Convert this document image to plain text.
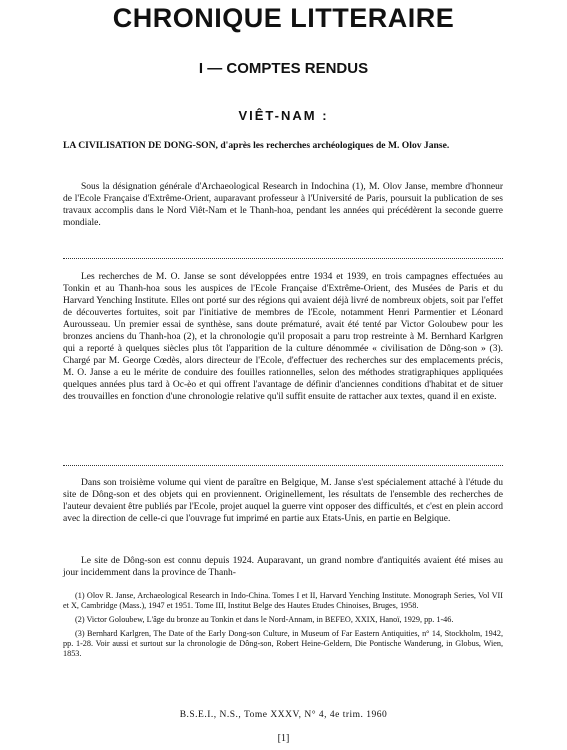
CHRONIQUE LITTERAIRE
I — COMPTES RENDUS
VIÊT-NAM :
LA CIVILISATION DE DONG-SON, d'après les recherches archéologiques de M. Olov Janse.

Sous la désignation générale d'Archaeological Research in Indochina (1), M. Olov Janse, membre d'honneur de l'Ecole Française d'Extrême-Orient, auparavant professeur à l'Université de Paris, poursuit la publication de ses travaux accomplis dans le Nord Viêt-Nam et le Thanh-hoa, pendant les années qui précédèrent la seconde guerre mondiale.

Les recherches de M. O. Janse se sont développées entre 1934 et 1939, en trois campagnes effectuées au Tonkin et au Thanh-hoa sous les auspices de l'Ecole Française d'Extrême-Orient, des Musées de Paris et du Harvard Yenching Institute. Elles ont porté sur des régions qui avaient déjà livré de nombreux objets, soit par l'effet de découvertes fortuites, soit par l'initiative de membres de l'Ecole, notamment Henri Parmentier et Léonard Aurousseau. Un premier essai de synthèse, sans doute prématuré, avait été tenté par Victor Goloubew pour les bronzes anciens du Thanh-hoa (2), et la chronologie qu'il proposait a paru trop restreinte à M. Bernhard Karlgren qui a reporté à quelques siècles plus tôt l'apparition de la culture dénommée « civilisation de Dông-son » (3). Chargé par M. George Cœdès, alors directeur de l'Ecole, d'effectuer des recherches sur des emplacements précis, M. O. Janse a eu le mérite de conduire des fouilles rationnelles, selon des méthodes stratigraphiques appliquées quelques années plus tard à Oc-èo et qui offrent l'avantage de définir d'anciennes conditions d'habitat et de situer des trouvailles en fonction d'une chronologie relative qu'il suffit ensuite de rattacher aux textes, quand il en existe.

Dans son troisième volume qui vient de paraître en Belgique, M. Janse s'est spécialement attaché à l'étude du site de Dông-son et des objets qui en proviennent. Originellement, les résultats de l'ensemble des recherches de l'auteur devaient être publiés par l'Ecole, projet auquel la guerre vint opposer des difficultés, et c'est en plein accord avec la direction de celle-ci que l'ouvrage fut imprimé en partie aux Etats-Unis, en partie en Belgique.

Le site de Dông-son est connu depuis 1924. Auparavant, un grand nombre d'antiquités avaient été mises au jour incidemment dans la province de Thanh-

(1) Olov R. Janse, Archaeological Research in Indo-China. Tomes I et II, Harvard Yenching Institute. Monograph Series, Vol VII et X, Cambridge (Mass.), 1947 et 1951. Tome III, Institut Belge des Hautes Etudes Chinoises, Bruges, 1958.

(2) Victor Goloubew, L'âge du bronze au Tonkin et dans le Nord-Annam, in BEFEO, XXIX, Hanoï, 1929, pp. 1-46.

(3) Bernhard Karlgren, The Date of the Early Dong-son Culture, in Museum of Far Eastern Antiquities, n° 14, Stockholm, 1942, pp. 1-28. Voir aussi et surtout sur la chronologie de Dông-son, Robert Heine-Geldern, Die Pontische Wanderung, in Globus, Wien, 1853.

B.S.E.I., N.S., Tome XXXV, N° 4, 4e trim. 1960
[1]
